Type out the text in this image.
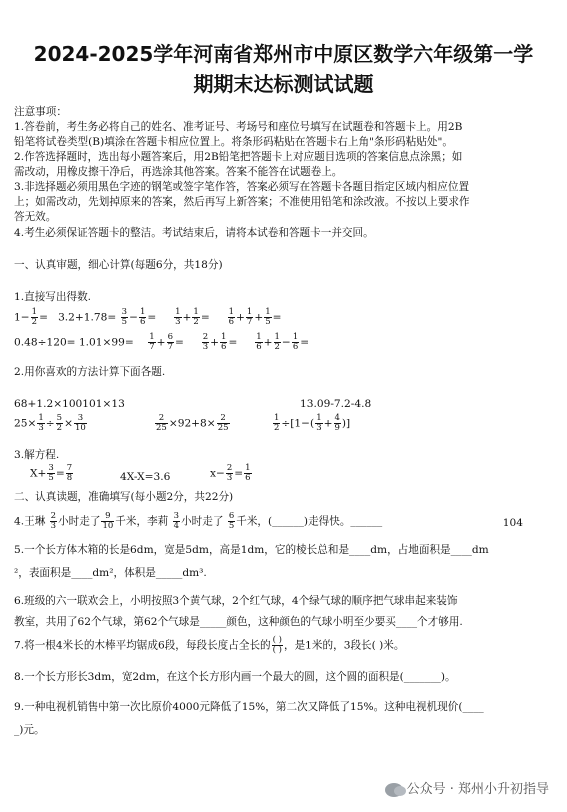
2024-2025学年河南省郑州市中原区数学六年级第一学
期期末达标测试试题
注意事项：
1.答卷前，考生务必将自己的姓名、准考证号、考场号和座位号填写在试题卷和答题卡上。用2B
铅笔将试卷类型(B)填涂在答题卡相应位置上。将条形码粘贴在答题卡右上角"条形码粘贴处"。
2.作答选择题时，选出每小题答案后，用2B铅笔把答题卡上对应题目选项的答案信息点涂黑；如
需改动，用橡皮擦干净后，再选涂其他答案。答案不能答在试题卷上。
3.非选择题必须用黑色字迹的钢笔或签字笔作答，答案必须写在答题卡各题目指定区域内相应位置
上；如需改动，先划掉原来的答案，然后再写上新答案；不准使用铅笔和涂改液。不按以上要求作
答无效。
4.考生必须保证答题卡的整洁。考试结束后，请将本试卷和答题卡一并交回。
一、认真审题，细心计算(每题6分，共18分)
1.直接写出得数.
$1- \frac{1}{2} = 3.2+1.78= \frac{3}{5} - \frac{1}{6} = \frac{1}{3} + \frac{1}{2} = \frac{1}{6} + \frac{1}{7} + \frac{1}{5}$ =
$0.48\div 120= 1.01\times 99= \frac{1}{7} + \frac{6}{7} = \frac{2}{3} + \frac{1}{6} = \frac{1}{6} + \frac{1}{2} - \frac{1}{6}$ =
2.用你喜欢的方法计算下面各题.
68+1.2×100101×13	13.09-7.2-4.8
$25\times \frac{1}{3} \div \frac{5}{2} \times \frac{3}{10}$	$\frac{2}{25} \times 92+8\times \frac{2}{25}$	$\frac{1}{2} \div[1-( \frac{1}{3} + \frac{4}{9}$ )]
3.解方程.
$X+ \frac{3}{5} = \frac{7}{8}$	4X-X=3.6	$x- \frac{2}{3} = \frac{1}{6}$
二、认真读题，准确填写(每小题2分，共22分)
4.王琳 $\frac{2}{3}$ 小时走了 $\frac{9}{10}$ 千米，李莉 $\frac{3}{4}$ 小时走了 $\frac{6}{5}$ 千米，(______)走得快。______	104
5.一个长方体木箱的长是6dm，宽是5dm，高是1dm，它的棱长总和是____dm，占地面积是____dm
²，表面积是____dm²，体积是_____dm³.
6.班级的六一联欢会上，小明按照3个黄气球，2个红气球，4个绿气球的顺序把气球串起来装饰
教室，共用了62个气球，第62个气球是_____颜色，这种颜色的气球小明至少要买____个才够用.
7.将一根4米长的木棒平均锯成6段，每段长度占全长的 $\frac{( )}{( )}$ ，是1米的，3段长( )米。
8.一个长方形长3dm，宽2dm，在这个长方形内画一个最大的圆，这个圆的面积是(_______)。
9.一种电视机销售中第一次比原价4000元降低了15%，第二次又降低了15%。这种电视机现价(____
_)元。
公众号 · 郑州小升初指导
